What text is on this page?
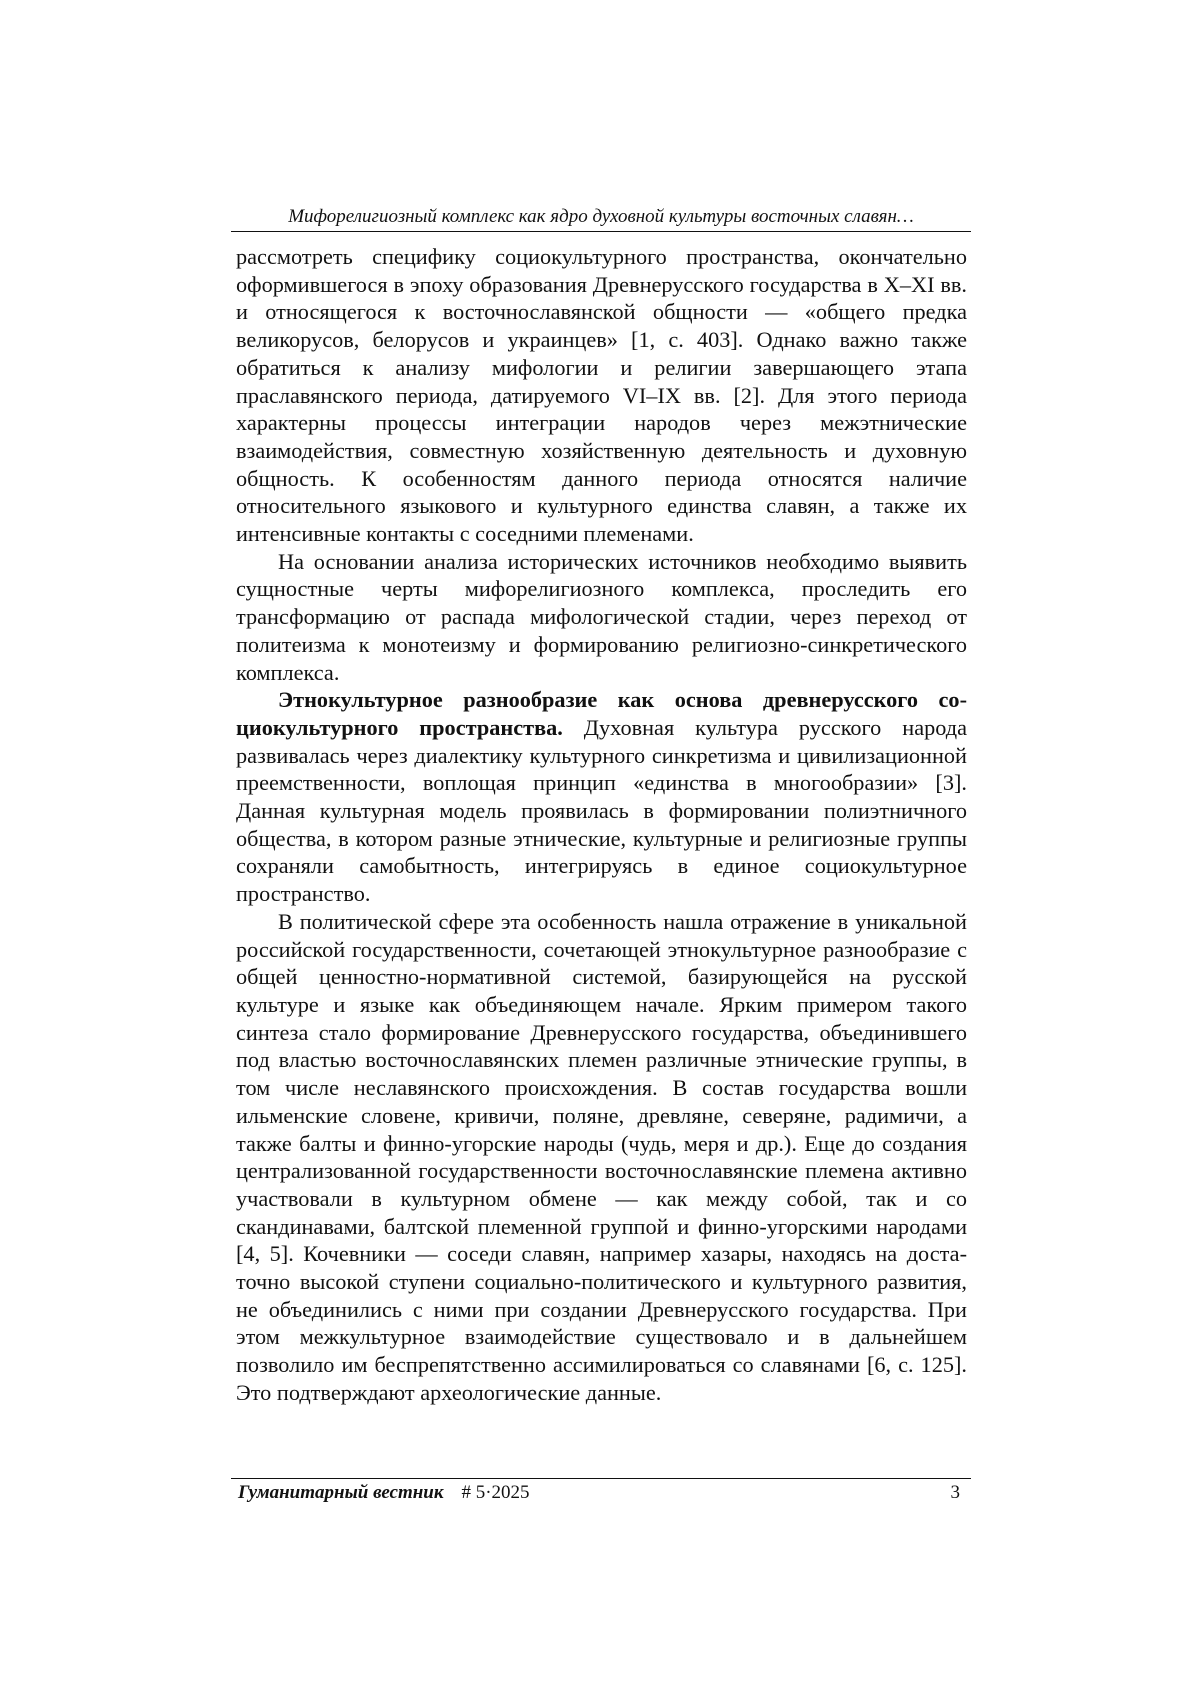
Мифорелигиозный комплекс как ядро духовной культуры восточных славян…

рассмотреть специфику социокультурного пространства, окончательно оформившегося в эпоху образования Древнерусского государства в X–XI вв. и относящегося к восточнославянской общности — «общего предка великорусов, белорусов и украинцев» [1, с. 403]. Однако важно также обратиться к анализу мифологии и религии завершающего этапа праславянского периода, датируемого VI–IX вв. [2]. Для этого периода характерны процессы интеграции народов через межэтнические взаимодействия, совместную хозяйственную деятельность и духовную общность. К особенностям данного периода относятся наличие относительного языкового и культурного единства славян, а также их интенсивные контакты с соседними племенами.

На основании анализа исторических источников необходимо выявить сущностные черты мифорелигиозного комплекса, проследить его трансформацию от распада мифологической стадии, через переход от политеизма к монотеизму и формированию религиозно-синкретического комплекса.

Этнокультурное разнообразие как основа древнерусского социокультурного пространства. Духовная культура русского народа развивалась через диалектику культурного синкретизма и цивилизационной преемственности, воплощая принцип «единства в многообразии» [3]. Данная культурная модель проявилась в формировании полиэтничного общества, в котором разные этнические, культурные и религиозные группы сохраняли самобытность, интегрируясь в единое социокультурное пространство.

В политической сфере эта особенность нашла отражение в уникальной российской государственности, сочетающей этнокультурное разнообразие с общей ценностно-нормативной системой, базирующейся на русской культуре и языке как объединяющем начале. Ярким примером такого синтеза стало формирование Древнерусского государства, объединившего под властью восточнославянских племен различные этнические группы, в том числе неславянского происхождения. В состав государства вошли ильменские словене, кривичи, поляне, древляне, северяне, радимичи, а также балты и финно-угорские народы (чудь, меря и др.). Еще до создания централизованной государственности восточнославянские племена активно участвовали в культурном обмене — как между собой, так и со скандинавами, балтской племенной группой и финно-угорскими народами [4, 5]. Кочевники — соседи славян, например хазары, находясь на достаточно высокой ступени социально-политического и культурного развития, не объединились с ними при создании Древнерусского государства. При этом межкультурное взаимодействие существовало и в дальнейшем позволило им беспрепятственно ассимилироваться со славянами [6, с. 125]. Это подтверждают археологические данные.

Гуманитарный вестник # 5·2025	3
